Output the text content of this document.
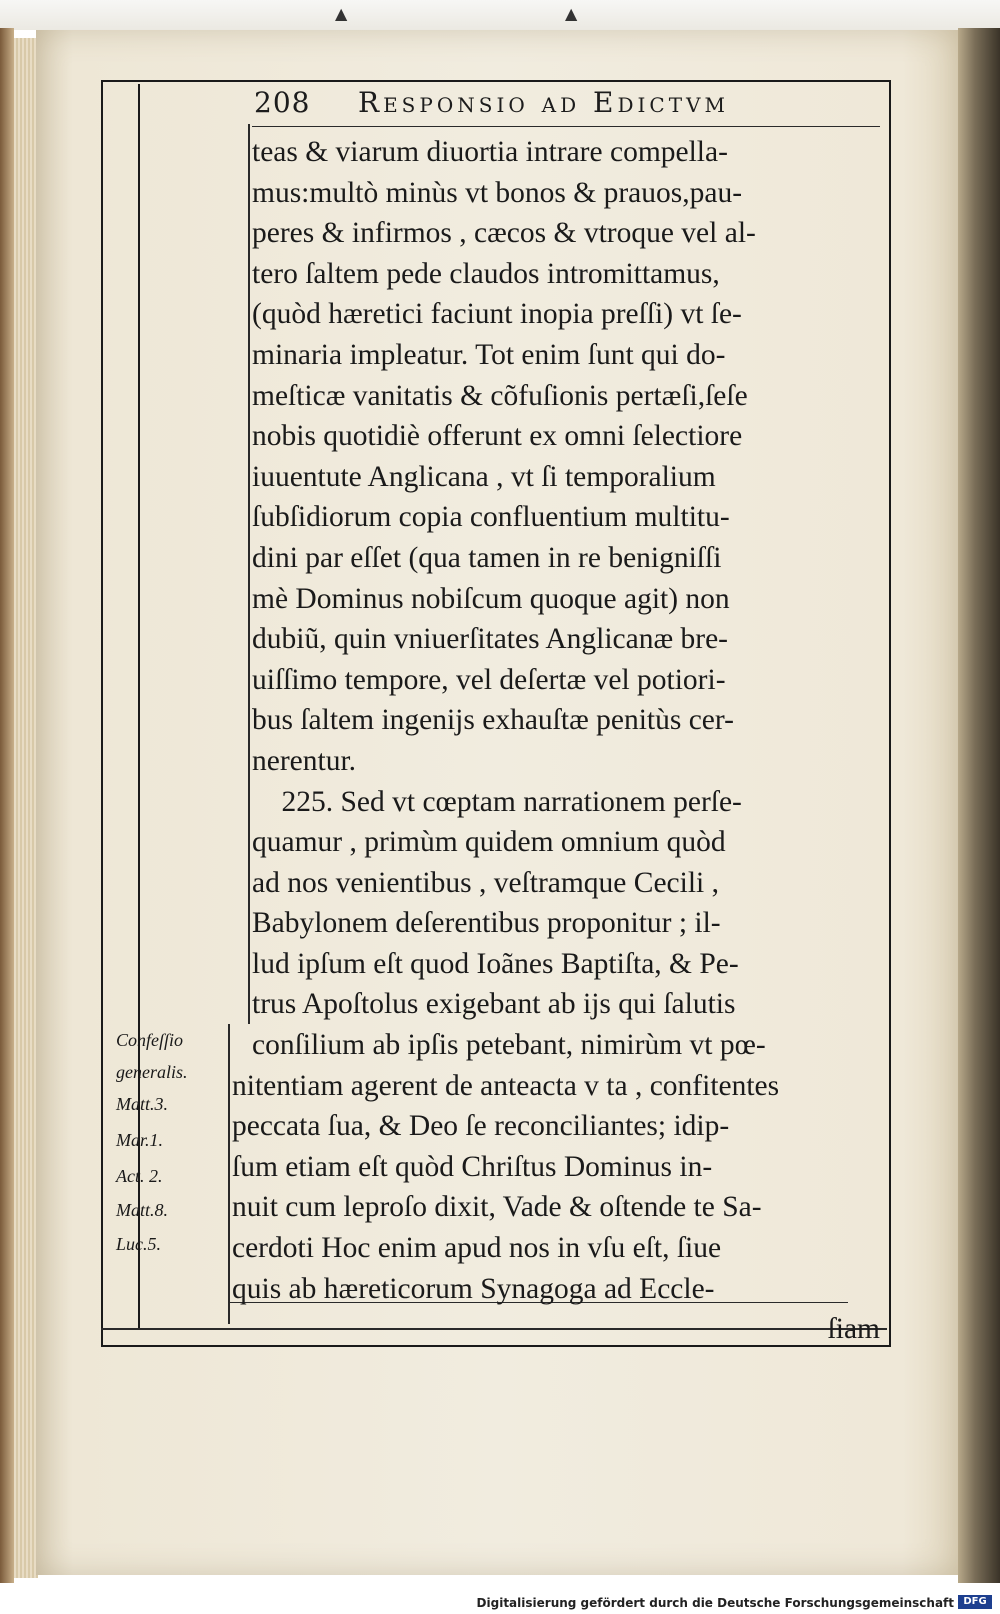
▲	▲
208 Responsio ad Edictvm
teas & viarum diuortia intrare compella-
mus:multò minùs vt bonos & prauos,pau-
peres & infirmos , cæcos & vtroque vel al-
tero ſaltem pede claudos intromittamus,
(quòd hæretici faciunt inopia preſſi) vt ſe-
minaria impleatur. Tot enim ſunt qui do-
meſticæ vanitatis & cõfuſionis pertæſi,ſeſe
nobis quotidiè offerunt ex omni ſelectiore
iuuentute Anglicana , vt ſi temporalium
ſubſidiorum copia confluentium multitu-
dini par eſſet (qua tamen in re benigniſſi
mè Dominus nobiſcum quoque agit) non
dubiũ, quin vniuerſitates Anglicanæ bre-
uiſſimo tempore, vel deſertæ vel potiori-
bus ſaltem ingenijs exhauſtæ penitùs cer-
nerentur.
225. Sed vt cœptam narrationem perſe-
quamur , primùm quidem omnium quòd
ad nos venientibus , veſtramque Cecili ,
Babylonem deſerentibus proponitur ; il-
lud ipſum eſt quod Ioãnes Baptiſta, & Pe-
trus Apoſtolus exigebant ab ijs qui ſalutis
conſilium ab ipſis petebant, nimirùm vt pœ-
nitentiam agerent de anteacta v ta , confitentes
peccata ſua, & Deo ſe reconciliantes; idip-
ſum etiam eſt quòd Chriſtus Dominus in-
nuit cum leproſo dixit, Vade & oſtende te Sa-
cerdoti Hoc enim apud nos in vſu eſt, ſiue
quis ab hæreticorum Synagoga ad Eccle-
ſiam
Confeſſio
generalis.
Matt.3.
Mar.1.
Act. 2.
Matt.8.
Luc.5.
Digitalisierung gefördert durch die Deutsche Forschungsgemeinschaft DFG
